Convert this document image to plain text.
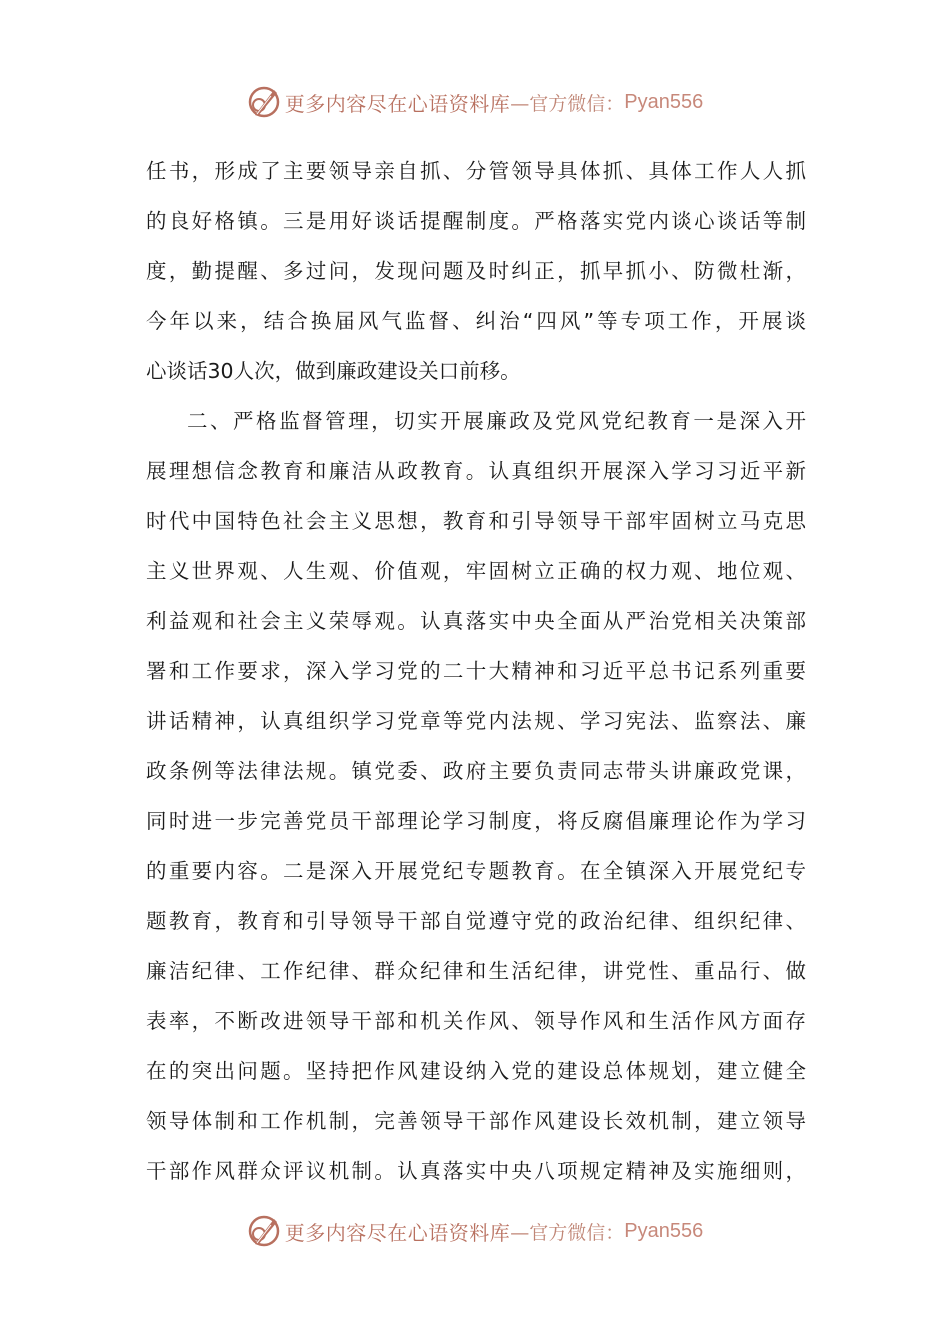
更多内容尽在心语资料库 —官方微信： Pyan556
任书，形成了主要领导亲自抓、分管领导具体抓、具体工作人人抓
的良好格镇。三是用好谈话提醒制度。严格落实党内谈心谈话等制
度，勤提醒、多过问，发现问题及时纠正，抓早抓小、防微杜渐，
今年以来，结合换届风气监督、纠治“四风”等专项工作，开展谈
心谈话30人次，做到廉政建设关口前移。
二、严格监督管理，切实开展廉政及党风党纪教育一是深入开
展理想信念教育和廉洁从政教育。认真组织开展深入学习习近平新
时代中国特色社会主义思想，教育和引导领导干部牢固树立马克思
主义世界观、人生观、价值观，牢固树立正确的权力观、地位观、
利益观和社会主义荣辱观。认真落实中央全面从严治党相关决策部
署和工作要求，深入学习党的二十大精神和习近平总书记系列重要
讲话精神，认真组织学习党章等党内法规、学习宪法、监察法、廉
政条例等法律法规。镇党委、政府主要负责同志带头讲廉政党课，
同时进一步完善党员干部理论学习制度，将反腐倡廉理论作为学习
的重要内容。二是深入开展党纪专题教育。在全镇深入开展党纪专
题教育，教育和引导领导干部自觉遵守党的政治纪律、组织纪律、
廉洁纪律、工作纪律、群众纪律和生活纪律，讲党性、重品行、做
表率，不断改进领导干部和机关作风、领导作风和生活作风方面存
在的突出问题。坚持把作风建设纳入党的建设总体规划，建立健全
领导体制和工作机制，完善领导干部作风建设长效机制，建立领导
干部作风群众评议机制。认真落实中央八项规定精神及实施细则，
更多内容尽在心语资料库 —官方微信： Pyan556
